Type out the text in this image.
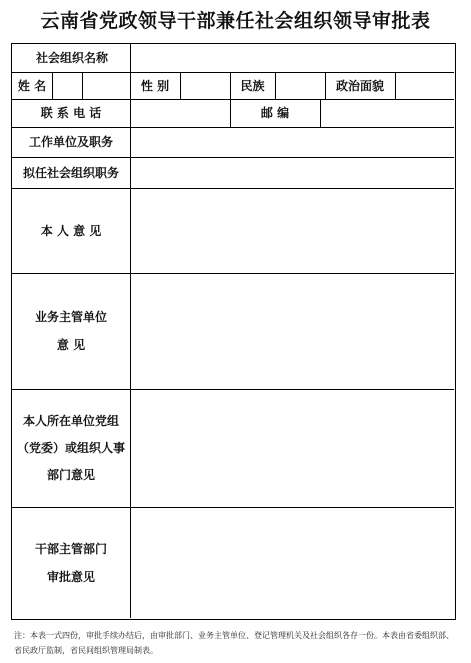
云南省党政领导干部兼任社会组织领导审批表
社会组织名称
姓 名	性 别	民族	政治面貌
联 系 电 话	邮 编
工作单位及职务
拟任社会组织职务
本 人 意 见
业务主管单位
意 见
本人所在单位党组
（党委）或组织人事
部门意见
干部主管部门
审批意见
注：本表一式四份，审批手续办结后，由审批部门、业务主管单位、登记管理机关及社会组织各存一份。本表由省委组织部、省民政厅监制，省民间组织管理局制表。
